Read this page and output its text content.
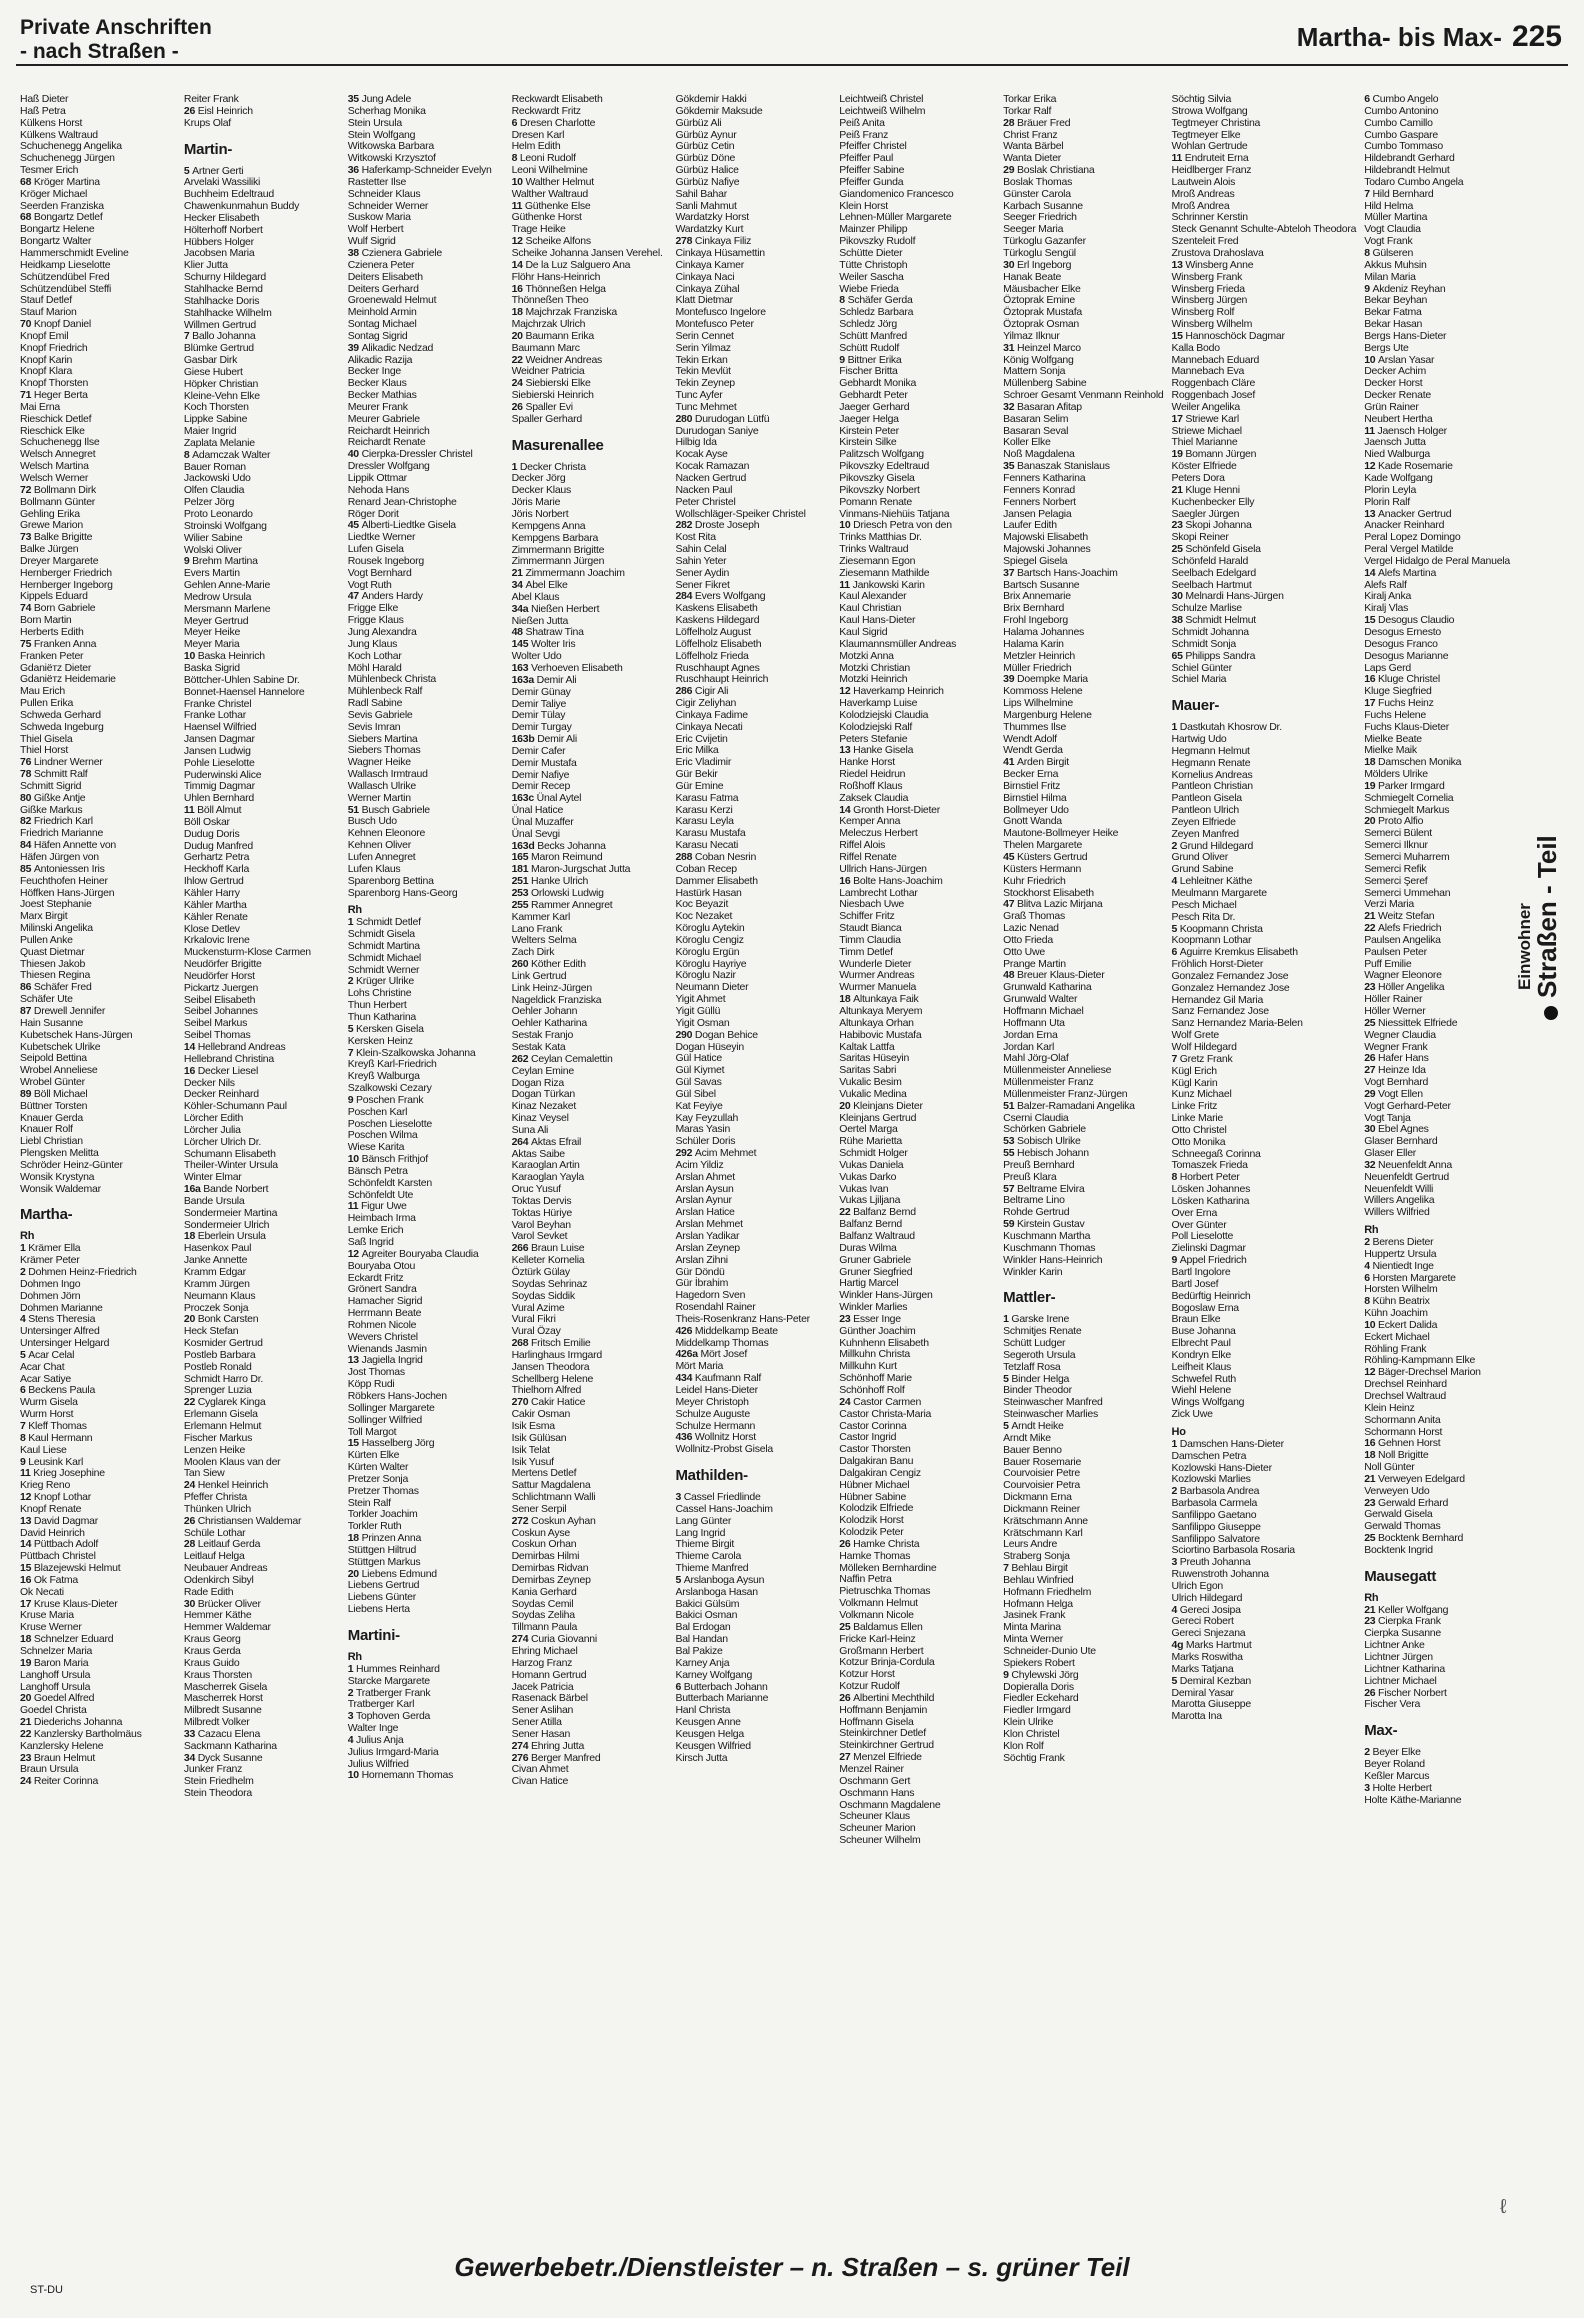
Private Anschriften
- nach Straßen -	Martha- bis Max- 225
Haß Dieter
Haß Petra
Külkens Horst
Külkens Waltraud
Schuchenegg Angelika
Schuchenegg Jürgen
Tesmer Erich
68 Kröger Martina
Kröger Michael
Seerden Franziska
68 Bongartz Detlef
Bongartz Helene
Bongartz Walter
Hammerschmidt Eveline
Heidkamp Lieselotte
Schützendübel Fred
Schützendübel Steffi
Stauf Detlef
Stauf Marion
70 Knopf Daniel
Knopf Emil
Knopf Friedrich
Knopf Karin
Knopf Klara
Knopf Thorsten
71 Heger Berta
Mai Erna
Rieschick Detlef
Rieschick Elke
Schuchenegg Ilse
Welsch Annegret
Welsch Martina
Welsch Werner
72 Bollmann Dirk
Bollmann Günter
Gehling Erika
Grewe Marion
73 Balke Brigitte
Balke Jürgen
Dreyer Margarete
Hernberger Friedrich
Hernberger Ingeborg
Kippels Eduard
74 Born Gabriele
Born Martin
Herberts Edith
75 Franken Anna
Franken Peter
Gdaniётz Dieter
Gdaniётz Heidemarie
Mau Erich
Pullen Erika
Schweda Gerhard
Schweda Ingeburg
Thiel Gisela
Thiel Horst
76 Lindner Werner
78 Schmitt Ralf
Schmitt Sigrid
80 Gißke Antje
Gißke Markus
82 Friedrich Karl
Friedrich Marianne
84 Häfen Annette von
Häfen Jürgen von
85 Antoniessen Iris
Feuchthofen Heiner
Höffken Hans-Jürgen
Joest Stephanie
Marx Birgit
Milinski Angelika
Pullen Anke
Quast Dietmar
Thiesen Jakob
Thiesen Regina
86 Schäfer Fred
Schäfer Ute
87 Drewell Jennifer
Hain Susanne
Kubetschek Hans-Jürgen
Kubetschek Ulrike
Seipold Bettina
Wrobel Anneliese
Wrobel Günter
89 Böll Michael
Büttner Torsten
Knauer Gerda
Knauer Rolf
Liebl Christian
Plengsken Melitta
Schröder Heinz-Günter
Wonsik Krystyna
Wonsik Waldemar
Martha-
Rh
1 Krämer Ella
Krämer Peter
2 Dohmen Heinz-Friedrich
Dohmen Ingo
Dohmen Jörn
Dohmen Marianne
4 Stens Theresia
Untersinger Alfred
Untersinger Helgard
5 Acar Celal
Acar Chat
Acar Satiye
6 Beckens Paula
Wurm Gisela
Wurm Horst
7 Kleff Thomas
8 Kaul Hermann
Kaul Liese
9 Leusink Karl
11 Krieg Josephine
Krieg Reno
12 Knopf Lothar
Knopf Renate
13 David Dagmar
David Heinrich
14 Püttbach Adolf
Püttbach Christel
15 Blazejewski Helmut
16 Ok Fatma
Ok Necati
17 Kruse Klaus-Dieter
Kruse Maria
Kruse Werner
18 Schnelzer Eduard
Schnelzer Maria
19 Baron Maria
Langhoff Ursula
Langhoff Ursula
20 Goedel Alfred
Goedel Christa
21 Diederichs Johanna
22 Kanzlersky Bartholmäus
Kanzlersky Helene
23 Braun Helmut
Braun Ursula
24 Reiter Corinna
Reiter Frank
26 Eisl Heinrich
Krups Olaf
Martin-
5 Artner Gerti
Arvelaki Wassiliki
Buchheim Edeltraud
Chawenkunmahun Buddy
Hecker Elisabeth
Hölterhoff Norbert
Hübbers Holger
Jacobsen Maria
Klier Jutta
Schurny Hildegard
Stahlhacke Bernd
Stahlhacke Doris
Stahlhacke Wilhelm
Willmen Gertrud
7 Ballo Johanna
Blümke Gertrud
Gasbar Dirk
Giese Hubert
Höpker Christian
Kleine-Vehn Elke
Koch Thorsten
Lippke Sabine
Maier Ingrid
Zaplata Melanie
8 Adamczak Walter
Bauer Roman
Jackowski Udo
Olfen Claudia
Pelzer Jörg
Proto Leonardo
Stroinski Wolfgang
Wilier Sabine
Wolski Oliver
9 Brehm Martina
Evers Martin
Gehlen Anne-Marie
Medrow Ursula
Mersmann Marlene
Meyer Gertrud
Meyer Heike
Meyer Maria
10 Baska Heinrich
Baska Sigrid
Böttcher-Uhlen Sabine Dr.
Bonnet-Haensel Hannelore
Franke Christel
Franke Lothar
Haensel Wilfried
Jansen Dagmar
Jansen Ludwig
Pohle Lieselotte
Puderwinski Alice
Timmig Dagmar
Uhlen Bernhard
11 Böll Almut
Böll Oskar
Dudug Doris
Dudug Manfred
Gerhartz Petra
Heckhoff Karla
Ihlow Gertrud
Kähler Harry
Kähler Martha
Kähler Renate
Klose Detlev
Krkalovic Irene
Muckensturm-Klose Carmen
Neudörfer Brigitte
Neudörfer Horst
Pickartz Juergen
Seibel Elisabeth
Seibel Johannes
Seibel Markus
Seibel Thomas
14 Hellebrand Andreas
Hellebrand Christina
16 Decker Liesel
Decker Nils
Decker Reinhard
Köhler-Schumann Paul
Lörcher Edith
Lörcher Julia
Lörcher Ulrich Dr.
Schumann Elisabeth
Theiler-Winter Ursula
Winter Elmar
16a Bande Norbert
Bande Ursula
Sondermeier Martina
Sondermeier Ulrich
18 Eberlein Ursula
Hasenkox Paul
Janke Annette
Kramm Edgar
Kramm Jürgen
Neumann Klaus
Proczek Sonja
20 Bonk Carsten
Heck Stefan
Kosmider Gertrud
Postleb Barbara
Postleb Ronald
Schmidt Harro Dr.
Sprenger Luzia
22 Cyglarek Kinga
Erlemann Gisela
Erlemann Helmut
Fischer Markus
Lenzen Heike
Moolen Klaus van der
Tan Siew
24 Henkel Heinrich
Pfeffer Christa
Thünken Ulrich
26 Christiansen Waldemar
Schüle Lothar
28 Leitlauf Gerda
Leitlauf Helga
Neubauer Andreas
Odenkirch Sibyl
Rade Edith
30 Brücker Oliver
Hemmer Käthe
Hemmer Waldemar
Kraus Georg
Kraus Gerda
Kraus Guido
Kraus Thorsten
Mascherrek Gisela
Mascherrek Horst
Milbredt Susanne
Milbredt Volker
33 Cazacu Elena
Sackmann Katharina
34 Dyck Susanne
Junker Franz
Stein Friedhelm
Stein Theodora
35 Jung Adele
Scherhag Monika
Stein Ursula
Stein Wolfgang
Witkowska Barbara
Witkowski Krzysztof
36 Haferkamp-Schneider Evelyn
Rastetter Ilse
Schneider Klaus
Schneider Werner
Suskow Maria
Wolf Herbert
Wulf Sigrid
38 Czienera Gabriele
Czienera Peter
Deiters Elisabeth
Deiters Gerhard
Groenewald Helmut
Meinhold Armin
Sontag Michael
Sontag Sigrid
39 Alikadic Nedzad
Alikadic Razija
Becker Inge
Becker Klaus
Becker Mathias
Meurer Frank
Meurer Gabriele
Reichardt Heinrich
Reichardt Renate
40 Cierpka-Dressler Christel
Dressler Wolfgang
Lippik Ottmar
Nehoda Hans
Renard Jean-Christophe
Röger Dorit
45 Alberti-Liedtke Gisela
Liedtke Werner
Lufen Gisela
Rousek Ingeborg
Vogt Bernhard
Vogt Ruth
47 Anders Hardy
Frigge Elke
Frigge Klaus
Jung Alexandra
Jung Klaus
Koch Lothar
Möhl Harald
Mühlenbeck Christa
Mühlenbeck Ralf
Radl Sabine
Sevis Gabriele
Sevis Imran
Siebers Martina
Siebers Thomas
Wagner Heike
Wallasch Irmtraud
Wallasch Ulrike
Werner Martin
51 Busch Gabriele
Busch Udo
Kehnen Eleonore
Kehnen Oliver
Lufen Annegret
Lufen Klaus
Sparenborg Bettina
Sparenborg Hans-Georg
Rh
1 Schmidt Detlef
Schmidt Gisela
Schmidt Martina
Schmidt Michael
Schmidt Werner
2 Krüger Ulrike
Lohs Christine
Thun Herbert
Thun Katharina
5 Kersken Gisela
Kersken Heinz
7 Klein-Szalkowska Johanna
Kreyß Karl-Friedrich
Kreyß Walburga
Szalkowski Cezary
9 Poschen Frank
Poschen Karl
Poschen Lieselotte
Poschen Wilma
Wiese Karita
10 Bänsch Frithjof
Bänsch Petra
Schönfeldt Karsten
Schönfeldt Ute
11 Figur Uwe
Heimbach Irma
Lemke Erich
Saß Ingrid
12 Agreiter Bouryaba Claudia
Bouryaba Otou
Eckardt Fritz
Grönert Sandra
Hamacher Sigrid
Herrmann Beate
Rohmen Nicole
Wevers Christel
Wienands Jasmin
13 Jagiella Ingrid
Jost Thomas
Köpp Rudi
Röbkers Hans-Jochen
Sollinger Margarete
Sollinger Wilfried
Toll Margot
15 Hasselberg Jörg
Kürten Elke
Kürten Walter
Pretzer Sonja
Pretzer Thomas
Stein Ralf
Torkler Joachim
Torkler Ruth
18 Prinzen Anna
Stüttgen Hiltrud
Stüttgen Markus
20 Liebens Edmund
Liebens Gertrud
Liebens Günter
Liebens Herta
Martini-
Rh
1 Hummes Reinhard
Starcke Margarete
2 Tratberger Frank
Tratberger Karl
3 Tophoven Gerda
Walter Inge
4 Julius Anja
Julius Irmgard-Maria
Julius Wilfried
10 Hornemann Thomas
Reckwardt Elisabeth
Reckwardt Fritz
6 Dresen Charlotte
Dresen Karl
Helm Edith
8 Leoni Rudolf
Leoni Wilhelmine
10 Walther Helmut
Walther Waltraud
11 Güthenke Else
Güthenke Horst
Trage Heike
12 Scheike Alfons
Scheike Johanna Jansen Verehel.
14 De la Luz Salguero Ana
Flöhr Hans-Heinrich
16 Thönneßen Helga
Thönneßen Theo
18 Majchrzak Franziska
Majchrzak Ulrich
20 Baumann Erika
Baumann Marc
22 Weidner Andreas
Weidner Patricia
24 Siebierski Elke
Siebierski Heinrich
26 Spaller Evi
Spaller Gerhard
Masurenallee
1 Decker Christa
Decker Jörg
Decker Klaus
Jöris Marie
Jöris Norbert
Kempgens Anna
Kempgens Barbara
Zimmermann Brigitte
Zimmermann Jürgen
21 Zimmermann Joachim
34 Abel Elke
Abel Klaus
34a Nießen Herbert
Nießen Jutta
48 Shatraw Tina
145 Wolter Iris
Wolter Udo
163 Verhoeven Elisabeth
163a Demir Ali
Demir Günay
Demir Taliye
Demir Tülay
Demir Turgay
163b Demir Ali
Demir Cafer
Demir Mustafa
Demir Nafiye
Demir Recep
163c Ünal Aytel
Ünal Hatice
Ünal Muzaffer
Ünal Sevgi
163d Becks Johanna
165 Maron Reimund
181 Maron-Jurgschat Jutta
251 Hanke Ulrich
253 Orlowski Ludwig
255 Rammer Annegret
Kammer Karl
Lano Frank
Welters Selma
Zach Dirk
260 Köther Edith
Link Gertrud
Link Heinz-Jürgen
Nageldick Franziska
Oehler Johann
Oehler Katharina
Sestak Franjo
Sestak Kata
262 Ceylan Cemalettin
Ceylan Emine
Dogan Riza
Dogan Türkan
Kinaz Nezaket
Kinaz Veysel
Suna Ali
264 Aktas Efrail
Aktas Saibe
Karaoglan Artin
Karaoglan Yayla
Oruc Yusuf
Toktas Dervis
Toktas Hüriye
Varol Beyhan
Varol Sevket
266 Braun Luise
Kelleter Kornelia
Öztürk Gülay
Soydas Sehrinaz
Soydas Siddik
Vural Azime
Vural Fikri
Vural Özay
268 Fritsch Emilie
Harlinghaus Irmgard
Jansen Theodora
Schellberg Helene
Thielhorn Alfred
270 Cakir Hatice
Cakir Osman
Isik Esma
Isik Gülüsan
Isik Telat
Isik Yusuf
Mertens Detlef
Sattur Magdalena
Schlichtmann Walli
Sener Serpil
272 Coskun Ayhan
Coskun Ayse
Coskun Orhan
Demirbas Hilmi
Demirbas Ridvan
Demirbas Zeynep
Kania Gerhard
Soydas Cemil
Soydas Zeliha
Tillmann Paula
274 Curia Giovanni
Ehring Michael
Harzog Franz
Homann Gertrud
Jacek Patricia
Rasenack Bärbel
Sener Aslihan
Sener Atilla
Sener Hasan
274 Ehring Jutta
276 Berger Manfred
Civan Ahmet
Civan Hatice
Gökdemir Hakki
Gökdemir Maksude
Gürbüz Ali
Gürbüz Aynur
Gürbüz Cetin
Gürbüz Döne
Gürbüz Halice
Gürbüz Nafiye
Sahil Bahar
Sanli Mahmut
Wardatzky Horst
Wardatzky Kurt
278 Cinkaya Filiz
Cinkaya Hüsamettin
Cinkaya Kamer
Cinkaya Naci
Cinkaya Zühal
Klatt Dietmar
Montefusco Ingelore
Montefusco Peter
Serin Cennet
Serin Yilmaz
Tekin Erkan
Tekin Mevlüt
Tekin Zeynep
Tunc Ayfer
Tunc Mehmet
280 Durudogan Lütfü
Durudogan Saniye
Hilbig Ida
Kocak Ayse
Kocak Ramazan
Nacken Gertrud
Nacken Paul
Peter Christel
Wollschläger-Speiker Christel
282 Droste Joseph
Kost Rita
Sahin Celal
Sahin Yeter
Sener Aydin
Sener Fikret
284 Evers Wolfgang
Kaskens Elisabeth
Kaskens Hildegard
Löffelholz August
Löffelholz Elisabeth
Löffelholz Frieda
Ruschhaupt Agnes
Ruschhaupt Heinrich
286 Cigir Ali
Cigir Zeliyhan
Cinkaya Fadime
Cinkaya Necati
Eric Cvijetin
Eric Milka
Eric Vladimir
Gür Bekir
Gür Emine
Karasu Fatma
Karasu Kerzi
Karasu Leyla
Karasu Mustafa
Karasu Necati
288 Coban Nesrin
Coban Recep
Dammer Elisabeth
Hastürk Hasan
Koc Beyazit
Koc Nezaket
Köroglu Aytekin
Köroglu Cengiz
Köroglu Ergün
Köroglu Hayriye
Köroglu Nazir
Neumann Dieter
Yigit Ahmet
Yigit Güllü
Yigit Osman
290 Dogan Behice
Dogan Hüseyin
Gül Hatice
Gül Kiymet
Gül Savas
Gül Sibel
Kat Feyiye
Kay Feyzullah
Maras Yasin
Schüler Doris
292 Acim Mehmet
Acim Yildiz
Arslan Ahmet
Arslan Aysun
Arslan Aynur
Arslan Hatice
Arslan Mehmet
Arslan Yadikar
Arslan Zeynep
Arslan Zihni
Gür Döndü
Gür İbrahim
Hagedorn Sven
Rosendahl Rainer
Theis-Rosenkranz Hans-Peter
426 Middelkamp Beate
Middelkamp Thomas
426a Mört Josef
Mört Maria
434 Kaufmann Ralf
Leidel Hans-Dieter
Meyer Christoph
Schulze Auguste
Schulze Hermann
436 Wollnitz Horst
Wollnitz-Probst Gisela
Mathilden-
3 Cassel Friedlinde
Cassel Hans-Joachim
Lang Günter
Lang Ingrid
Thieme Birgit
Thieme Carola
Thieme Manfred
5 Arslanboga Aysun
Arslanboga Hasan
Bakici Gülsüm
Bakici Osman
Bal Erdogan
Bal Handan
Bal Pakize
Karney Anja
Karney Wolfgang
6 Butterbach Johann
Butterbach Marianne
Hanl Christa
Keusgen Anne
Keusgen Helga
Keusgen Wilfried
Kirsch Jutta
Leichtweiß Christel
Leichtweiß Wilhelm
Peiß Anita
Peiß Franz
Pfeiffer Christel
Pfeiffer Paul
Pfeiffer Sabine
Pfeiffer Gunda
Giandomenico Francesco
Klein Horst
Lehnen-Müller Margarete
Mainzer Philipp
Pikovszky Rudolf
Schütte Dieter
Tütte Christoph
Weiler Sascha
Wiebe Frieda
8 Schäfer Gerda
Schledz Barbara
Schledz Jörg
Schütt Manfred
Schütt Rudolf
9 Bittner Erika
Fischer Britta
Gebhardt Monika
Gebhardt Peter
Jaeger Gerhard
Jaeger Helga
Kirstein Peter
Kirstein Silke
Palitzsch Wolfgang
Pikovszky Edeltraud
Pikovszky Gisela
Pikovszky Norbert
Pomann Renate
Vinmans-Niehüis Tatjana
10 Driesch Petra von den
Trinks Matthias Dr.
Trinks Waltraud
Ziesemann Egon
Ziesemann Mathilde
11 Jankowski Karin
Kaul Alexander
Kaul Christian
Kaul Hans-Dieter
Kaul Sigrid
Klaumannsmüller Andreas
Motzki Anna
Motzki Christian
Motzki Heinrich
12 Haverkamp Heinrich
Haverkamp Luise
Kolodziejski Claudia
Kolodziejski Ralf
Peters Stefanie
13 Hanke Gisela
Hanke Horst
Riedel Heidrun
Roßhoff Klaus
Zaksek Claudia
14 Gronth Horst-Dieter
Kemper Anna
Meleczus Herbert
Riffel Alois
Riffel Renate
Ullrich Hans-Jürgen
16 Bolte Hans-Joachim
Lambrecht Lothar
Niesbach Uwe
Schiffer Fritz
Staudt Bianca
Timm Claudia
Timm Detlef
Wunderle Dieter
Wurmer Andreas
Wurmer Manuela
18 Altunkaya Faik
Altunkaya Meryem
Altunkaya Orhan
Habibovic Mustafa
Kaltak Lattfa
Saritas Hüseyin
Saritas Sabri
Vukalic Besim
Vukalic Medina
20 Kleinjans Dieter
Kleinjans Gertrud
Oertel Marga
Rühe Marietta
Schmidt Holger
Vukas Daniela
Vukas Darko
Vukas Ivan
Vukas Ljiljana
22 Balfanz Bernd
Balfanz Bernd
Balfanz Waltraud
Duras Wilma
Gruner Gabriele
Gruner Siegfried
Hartig Marcel
Winkler Hans-Jürgen
Winkler Marlies
23 Esser Inge
Günther Joachim
Kuhnhenn Elisabeth
Millkuhn Christa
Millkuhn Kurt
Schönhoff Marie
Schönhoff Rolf
24 Castor Carmen
Castor Christa-Maria
Castor Corinna
Castor Ingrid
Castor Thorsten
Dalgakiran Banu
Dalgakiran Cengiz
Hübner Michael
Hübner Sabine
Kolodzik Elfriede
Kolodzik Horst
Kolodzik Peter
26 Hamke Christa
Hamke Thomas
Mölleken Bernhardine
Naffin Petra
Pietruschka Thomas
Volkmann Helmut
Volkmann Nicole
25 Baldamus Ellen
Fricke Karl-Heinz
Großmann Herbert
Kotzur Brinja-Cordula
Kotzur Horst
Kotzur Rudolf
26 Albertini Mechthild
Hoffmann Benjamin
Hoffmann Gisela
Steinkirchner Detlef
Steinkirchner Gertrud
27 Menzel Elfriede
Menzel Rainer
Oschmann Gert
Oschmann Hans
Oschmann Magdalene
Scheuner Klaus
Scheuner Marion
Scheuner Wilhelm
Torkar Erika
Torkar Ralf
28 Bräuer Fred
Christ Franz
Wanta Bärbel
Wanta Dieter
29 Boslak Christiana
Boslak Thomas
Günster Carola
Karbach Susanne
Seeger Friedrich
Seeger Maria
Türkoglu Gazanfer
Türkoglu Sengül
30 Erl Ingeborg
Hanak Beate
Mäusbacher Elke
Öztoprak Emine
Öztoprak Mustafa
Öztoprak Osman
Yilmaz Ilknur
31 Heinzel Marco
König Wolfgang
Mattern Sonja
Müllenberg Sabine
Schroer Gesamt Venmann Reinhold
32 Basaran Afitap
Basaran Selim
Basaran Seval
Koller Elke
Noß Magdalena
35 Banaszak Stanislaus
Fenners Katharina
Fenners Konrad
Fenners Norbert
Jansen Pelagia
Laufer Edith
Majowski Elisabeth
Majowski Johannes
Spiegel Gisela
37 Bartsch Hans-Joachim
Bartsch Susanne
Brix Annemarie
Brix Bernhard
Frohl Ingeborg
Halama Johannes
Halama Karin
Metzler Heinrich
Müller Friedrich
39 Doempke Maria
Kommoss Helene
Lips Wilhelmine
Margenburg Helene
Thummes Ilse
Wendt Adolf
Wendt Gerda
41 Arden Birgit
Becker Erna
Birnstiel Fritz
Birnstiel Hilma
Bollmeyer Udo
Gnott Wanda
Mautone-Bollmeyer Heike
Thelen Margarete
45 Küsters Gertrud
Küsters Hermann
Kuhr Friedrich
Stockhorst Elisabeth
47 Blitva Lazic Mirjana
Graß Thomas
Lazic Nenad
Otto Frieda
Otto Uwe
Prange Martin
48 Breuer Klaus-Dieter
Grunwald Katharina
Grunwald Walter
Hoffmann Michael
Hoffmann Uta
Jordan Erna
Jordan Karl
Mahl Jörg-Olaf
Müllenmeister Anneliese
Müllenmeister Franz
Müllenmeister Franz-Jürgen
51 Balzer-Ramadani Angelika
Cserni Claudia
Schörken Gabriele
53 Sobisch Ulrike
55 Hebisch Johann
Preuß Bernhard
Preuß Klara
57 Beltrame Elvira
Beltrame Lino
Rohde Gertrud
59 Kirstein Gustav
Kuschmann Martha
Kuschmann Thomas
Winkler Hans-Heinrich
Winkler Karin
Mattler-
1 Garske Irene
Schmitjes Renate
Schütt Ludger
Segeroth Ursula
Tetzlaff Rosa
5 Binder Helga
Binder Theodor
Steinwascher Manfred
Steinwascher Marlies
5 Arndt Heike
Arndt Mike
Bauer Benno
Bauer Rosemarie
Courvoisier Petre
Courvoisier Petra
Dickmann Erna
Dickmann Reiner
Krätschmann Anne
Krätschmann Karl
Leurs Andre
Straberg Sonja
7 Behlau Birgit
Behlau Winfried
Hofmann Friedhelm
Hofmann Helga
Jasinek Frank
Minta Marina
Minta Werner
Schneider-Dunio Ute
Spiekers Robert
9 Chylewski Jörg
Dopieralla Doris
Fiedler Eckehard
Fiedler Irmgard
Klein Ulrike
Klon Christel
Klon Rolf
Söchtig Frank
Söchtig Silvia
Strowa Wolfgang
Tegtmeyer Christina
Tegtmeyer Elke
Wohlan Gertrude
11 Endruteit Erna
Heidlberger Franz
Lautwein Alois
Mroß Andreas
Mroß Andrea
Schrinner Kerstin
Steck Genannt Schulte-Abteloh Theodora
Szenteleit Fred
Zrustova Drahoslava
13 Winsberg Anne
Winsberg Frank
Winsberg Frieda
Winsberg Jürgen
Winsberg Rolf
Winsberg Wilhelm
15 Hannoschöck Dagmar
Kalla Bodo
Mannebach Eduard
Mannebach Eva
Roggenbach Cläre
Roggenbach Josef
Weiler Angelika
17 Striewe Karl
Striewe Michael
Thiel Marianne
19 Bomann Jürgen
Köster Elfriede
Peters Dora
21 Kluge Henni
Kuchenbecker Elly
Saegler Jürgen
23 Skopi Johanna
Skopi Reiner
25 Schönfeld Gisela
Schönfeld Harald
Seelbach Edelgard
Seelbach Hartmut
30 Melnardi Hans-Jürgen
Schulze Marlise
38 Schmidt Helmut
Schmidt Johanna
Schmidt Sonja
65 Philipps Sandra
Schiel Günter
Schiel Maria
Mauer-
1 Dastkutah Khosrow Dr.
Hartwig Udo
Hegmann Helmut
Hegmann Renate
Kornelius Andreas
Pantleon Christian
Pantleon Gisela
Pantleon Ulrich
Zeyen Elfriede
Zeyen Manfred
2 Grund Hildegard
Grund Oliver
Grund Sabine
4 Lehleitner Käthe
Meulmann Margarete
Pesch Michael
Pesch Rita Dr.
5 Koopmann Christa
Koopmann Lothar
6 Aguirre Kremkus Elisabeth
Fröhlich Horst-Dieter
Gonzalez Fernandez Jose
Gonzalez Hernandez Jose
Hernandez Gil Maria
Sanz Fernandez Jose
Sanz Hernandez Maria-Belen
Wolf Grete
Wolf Hildegard
7 Gretz Frank
Kügl Erich
Kügl Karin
Kunz Michael
Linke Fritz
Linke Marie
Otto Christel
Otto Monika
Schneegaß Corinna
Tomaszek Frieda
8 Horbert Peter
Lösken Johannes
Lösken Katharina
Over Erna
Over Günter
Poll Lieselotte
Zielinski Dagmar
9 Appel Friedrich
Bartl Ingolore
Bartl Josef
Bedürftig Heinrich
Bogoslaw Erna
Braun Elke
Buse Johanna
Elbrecht Paul
Kondryn Elke
Leifheit Klaus
Schwefel Ruth
Wiehl Helene
Wings Wolfgang
Zick Uwe
Ho
1 Damschen Hans-Dieter
Damschen Petra
Kozlowski Hans-Dieter
Kozlowski Marlies
2 Barbasola Andrea
Barbasola Carmela
Sanfilippo Gaetano
Sanfilippo Giuseppe
Sanfilippo Salvatore
Sciortino Barbasola Rosaria
3 Preuth Johanna
Ruwenstroth Johanna
Ulrich Egon
Ulrich Hildegard
4 Gereci Josipa
Gereci Robert
Gereci Snjezana
4g Marks Hartmut
Marks Roswitha
Marks Tatjana
5 Demiral Kezban
Demiral Yasar
Marotta Giuseppe
Marotta Ina
6 Cumbo Angelo
Cumbo Antonino
Cumbo Camillo
Cumbo Gaspare
Cumbo Tommaso
Hildebrandt Gerhard
Hildebrandt Helmut
Todaro Cumbo Angela
7 Hild Bernhard
Hild Helma
Müller Martina
Vogt Claudia
Vogt Frank
8 Gülseren
Akkus Muhsin
Milan Maria
9 Akdeniz Reyhan
Bekar Beyhan
Bekar Fatma
Bekar Hasan
Bergs Hans-Dieter
Bergs Ute
10 Arslan Yasar
Decker Achim
Decker Horst
Decker Renate
Grün Rainer
Neubert Hertha
11 Jaensch Holger
Jaensch Jutta
Nied Walburga
12 Kade Rosemarie
Kade Wolfgang
Plorin Leyla
Plorin Ralf
13 Anacker Gertrud
Anacker Reinhard
Peral Lopez Domingo
Peral Vergel Matilde
Vergel Hidalgo de Peral Manuela
14 Alefs Martina
Alefs Ralf
Kiralj Anka
Kiralj Vlas
15 Desogus Claudio
Desogus Ernesto
Desogus Franco
Desogus Marianne
Laps Gerd
16 Kluge Christel
Kluge Siegfried
17 Fuchs Heinz
Fuchs Helene
Fuchs Klaus-Dieter
Mielke Beate
Mielke Maik
18 Damschen Monika
Mölders Ulrike
19 Parker Irmgard
Schmiegelt Cornelia
Schmiegelt Markus
20 Proto Alfio
Semerci Bülent
Semerci Ilknur
Semerci Muharrem
Semerci Refik
Semerci Şeref
Semerci Ummehan
Verzi Maria
21 Weitz Stefan
22 Alefs Friedrich
Paulsen Angelika
Paulsen Peter
Puff Emilie
Wagner Eleonore
23 Höller Angelika
Höller Rainer
Höller Werner
25 Niessittek Elfriede
Wegner Claudia
Wegner Frank
26 Hafer Hans
27 Heinze Ida
Vogt Bernhard
29 Vogt Ellen
Vogt Gerhard-Peter
Vogt Tanja
30 Ebel Agnes
Glaser Bernhard
Glaser Eller
32 Neuenfeldt Anna
Neuenfeldt Gertrud
Neuenfeldt Willi
Willers Angelika
Willers Wilfried
Rh
2 Berens Dieter
Huppertz Ursula
4 Nientiedt Inge
6 Horsten Margarete
Horsten Wilhelm
8 Kühn Beatrix
Kühn Joachim
10 Eckert Dalida
Eckert Michael
Röhling Frank
Röhling-Kampmann Elke
12 Bäger-Drechsel Marion
Drechsel Reinhard
Drechsel Waltraud
Klein Heinz
Schormann Anita
Schormann Horst
16 Gehnen Horst
18 Noll Brigitte
Noll Günter
21 Verweyen Edelgard
Verweyen Udo
23 Gerwald Erhard
Gerwald Gisela
Gerwald Thomas
25 Bocktenk Bernhard
Bocktenk Ingrid
Mausegatt
Rh
21 Keller Wolfgang
23 Cierpka Frank
Cierpka Susanne
Lichtner Anke
Lichtner Jürgen
Lichtner Katharina
Lichtner Michael
26 Fischer Norbert
Fischer Vera
Max-
2 Beyer Elke
Beyer Roland
Keßler Marcus
3 Holte Herbert
Holte Käthe-Marianne
Straßen - Teil
Einwohner
ℓ
Gewerbebetr./Dienstleister – n. Straßen – s. grüner Teil
ST-DU
